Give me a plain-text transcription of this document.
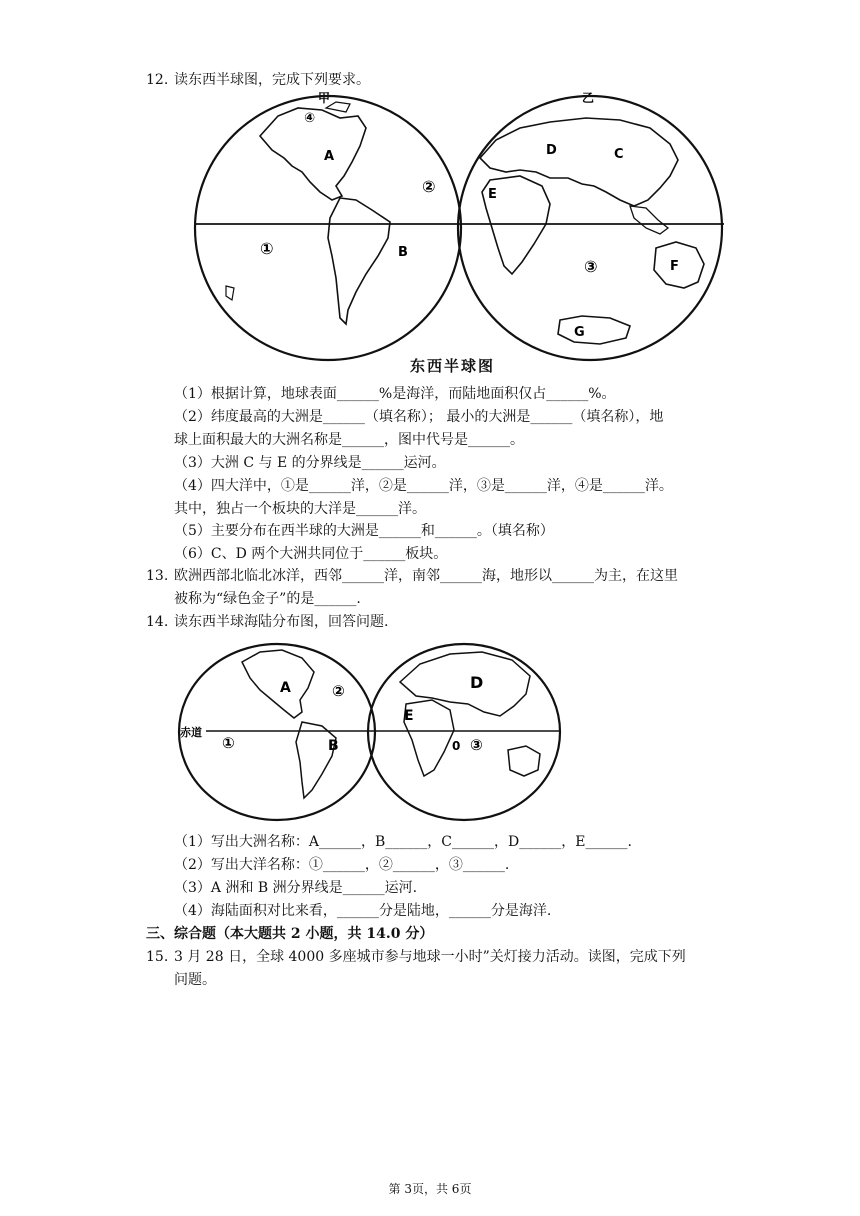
12. 读东西半球图，完成下列要求。
甲	乙
A
B
C
D
E
F
G
①
②
③
④
东西半球图
（1）根据计算，地球表面______%是海洋，而陆地面积仅占______%。
（2）纬度最高的大洲是______（填名称）； 最小的大洲是______（填名称），地
球上面积最大的大洲名称是______，图中代号是______。
（3）大洲 C 与 E 的分界线是______运河。
（4）四大洋中，①是______洋，②是______洋，③是______洋，④是______洋。
其中，独占一个板块的大洋是______洋。
（5）主要分布在西半球的大洲是______和______。（填名称）
（6）C、D 两个大洲共同位于______板块。
13. 欧洲西部北临北冰洋，西邻______洋，南邻______海，地形以______为主，在这里
被称为“绿色金子”的是______.
14. 读东西半球海陆分布图，回答问题.
赤道
A
B
D
E
①
②
③
0
（1）写出大洲名称：A______，B______，C______，D______，E______.
（2）写出大洋名称：①______，②______，③______.
（3）A 洲和 B 洲分界线是______运河.
（4）海陆面积对比来看，______分是陆地，______分是海洋.
三、综合题（本大题共 2 小题，共 14.0 分）
15. 3 月 28 日，全球 4000 多座城市参与地球一小时”关灯接力活动。读图，完成下列
问题。
第 3页，共 6页
